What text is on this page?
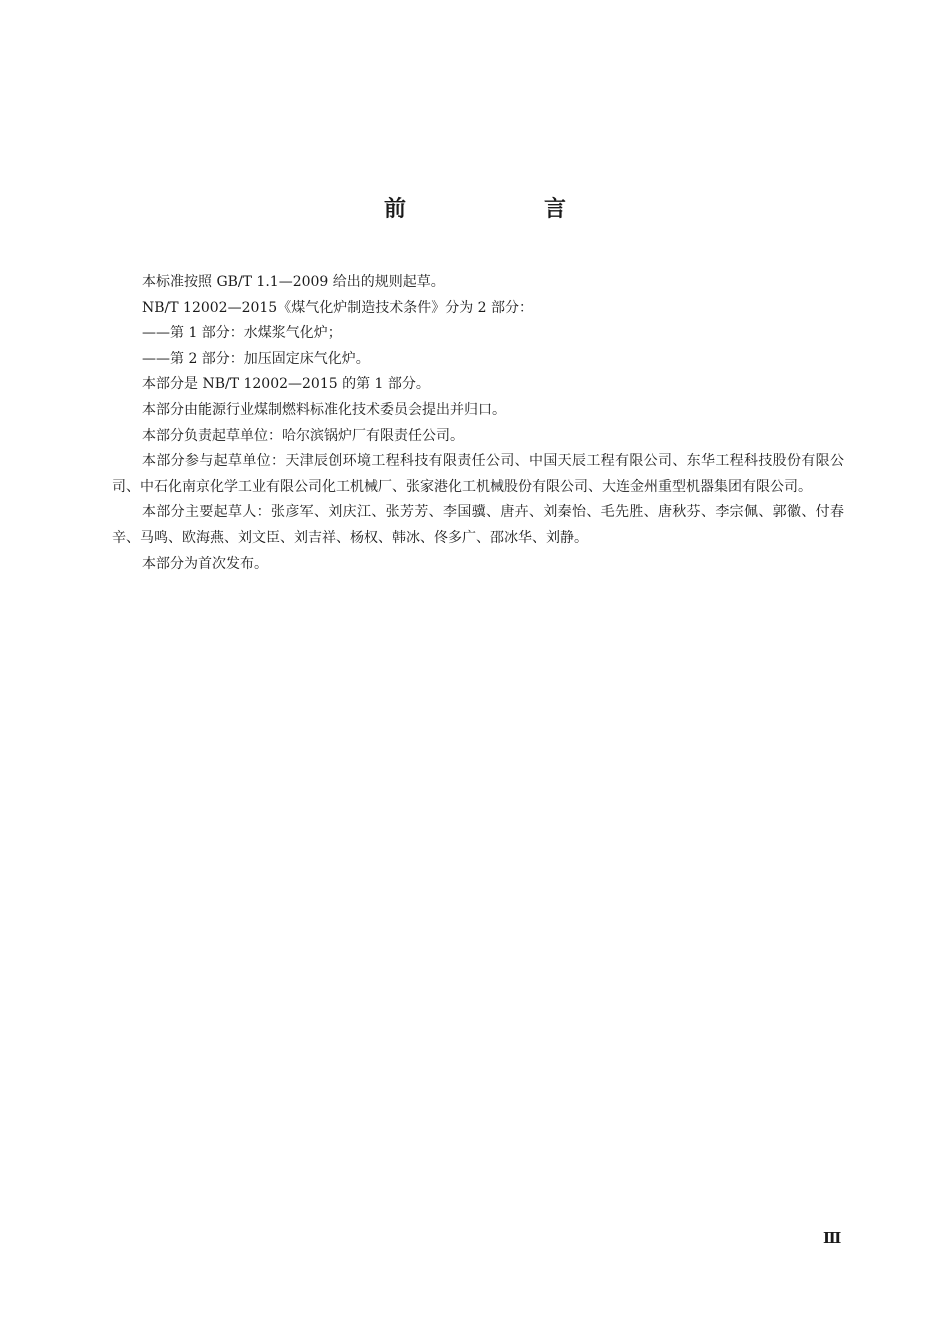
前　言

本标准按照 GB/T 1.1—2009 给出的规则起草。

NB/T 12002—2015《煤气化炉制造技术条件》分为 2 部分：

——第 1 部分：水煤浆气化炉；

——第 2 部分：加压固定床气化炉。

本部分是 NB/T 12002—2015 的第 1 部分。

本部分由能源行业煤制燃料标准化技术委员会提出并归口。

本部分负责起草单位：哈尔滨锅炉厂有限责任公司。

本部分参与起草单位：天津辰创环境工程科技有限责任公司、中国天辰工程有限公司、东华工程科技股份有限公司、中石化南京化学工业有限公司化工机械厂、张家港化工机械股份有限公司、大连金州重型机器集团有限公司。

本部分主要起草人：张彦军、刘庆江、张芳芳、李国骥、唐卉、刘秦怡、毛先胜、唐秋芬、李宗佩、郭徽、付春辛、马鸣、欧海燕、刘文臣、刘吉祥、杨权、韩冰、佟多广、邵冰华、刘静。

本部分为首次发布。

Ⅲ
